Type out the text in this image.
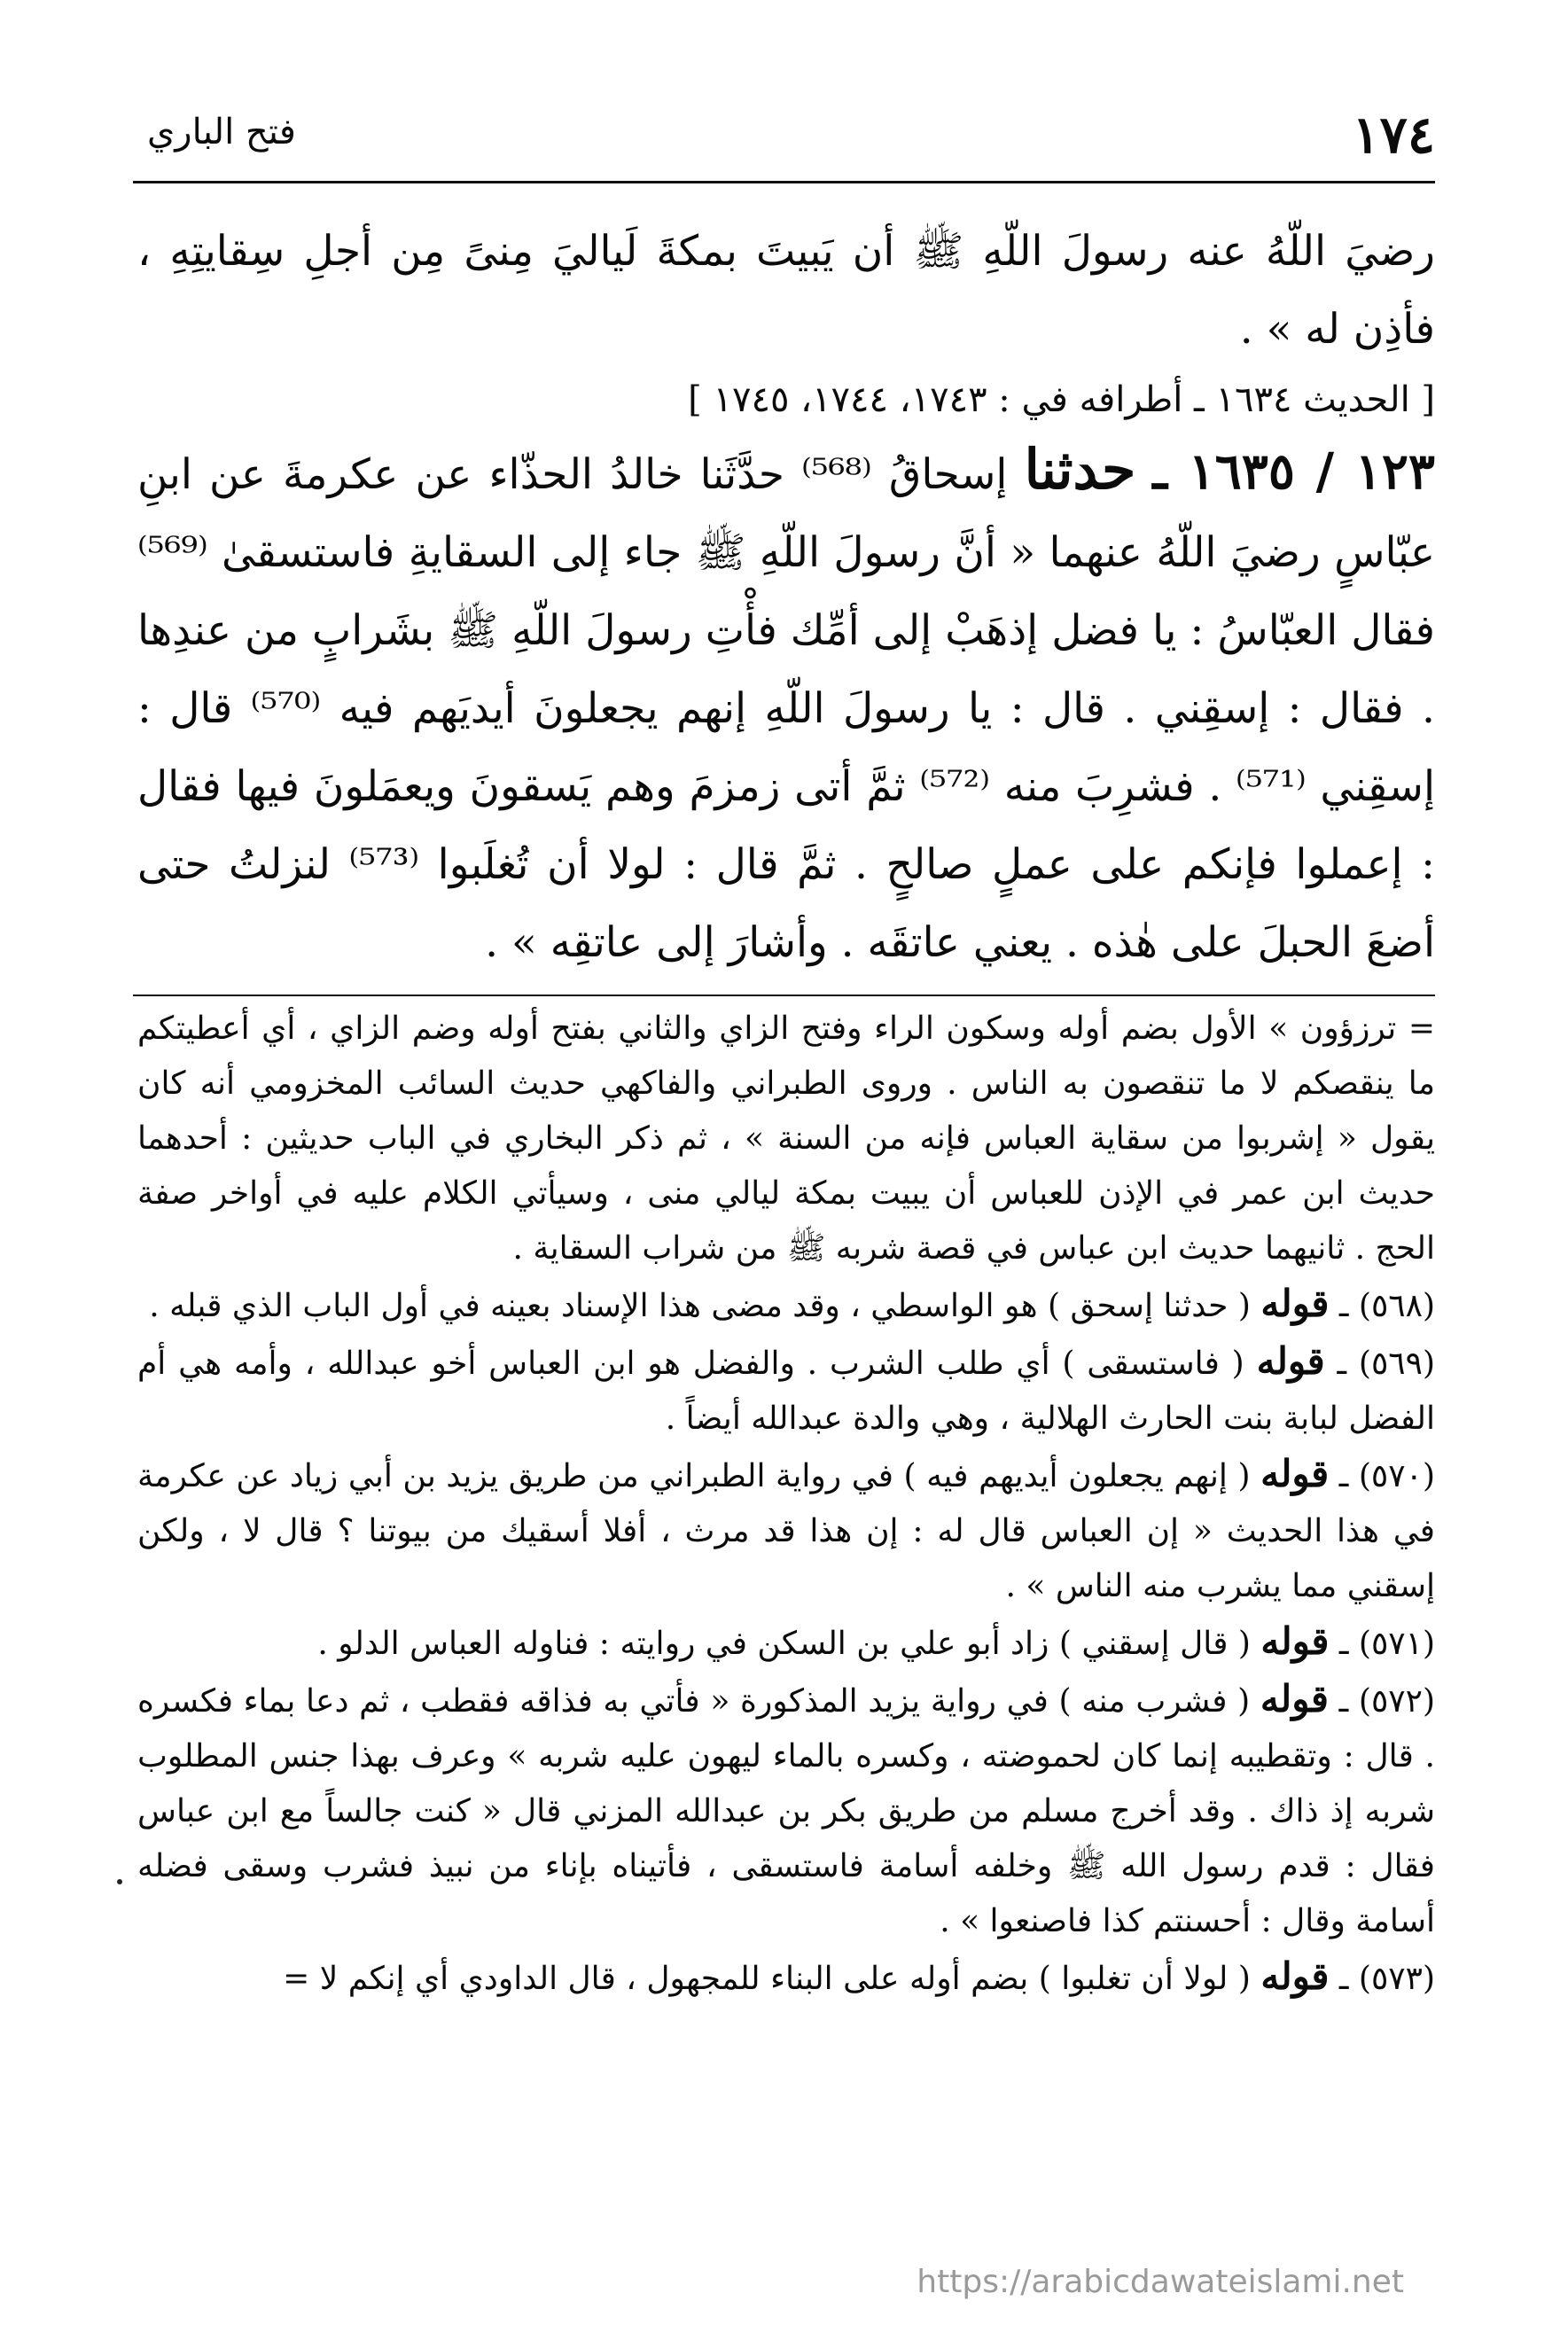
١٧٤
فتح الباري

رضيَ اللّهُ عنه رسولَ اللّهِ ﷺ أن يَبيتَ بمكةَ لَياليَ مِنىً مِن أجلِ سِقايتِهِ ، فأذِن له » .

[ الحديث ١٦٣٤ ـ أطرافه في : ١٧٤٣، ١٧٤٤، ١٧٤٥ ]

١٢٣ / ١٦٣٥ ـ حدثنا إسحاقُ ⁽⁵⁶⁸⁾ حدَّثَنا خالدُ الحذّاء عن عكرمةَ عن ابنِ عبّاسٍ رضيَ اللّهُ عنهما « أنَّ رسولَ اللّهِ ﷺ جاء إلى السقايةِ فاستسقىٰ ⁽⁵⁶⁹⁾ فقال العبّاسُ : يا فضل إذهَبْ إلى أمِّك فأْتِ رسولَ اللّهِ ﷺ بشَرابٍ من عندِها . فقال : إسقِني . قال : يا رسولَ اللّهِ إنهم يجعلونَ أيديَهم فيه ⁽⁵⁷⁰⁾ قال : إسقِني ⁽⁵⁷¹⁾ . فشرِبَ منه ⁽⁵⁷²⁾ ثمَّ أتى زمزمَ وهم يَسقونَ ويعمَلونَ فيها فقال : إعملوا فإنكم على عملٍ صالحٍ . ثمَّ قال : لولا أن تُغلَبوا ⁽⁵⁷³⁾ لنزلتُ حتى أضعَ الحبلَ على هٰذه . يعني عاتقَه . وأشارَ إلى عاتقِه » .

= ترزؤون » الأول بضم أوله وسكون الراء وفتح الزاي والثاني بفتح أوله وضم الزاي ، أي أعطيتكم ما ينقصكم لا ما تنقصون به الناس . وروى الطبراني والفاكهي حديث السائب المخزومي أنه كان يقول « إشربوا من سقاية العباس فإنه من السنة » ، ثم ذكر البخاري في الباب حديثين : أحدهما حديث ابن عمر في الإذن للعباس أن يبيت بمكة ليالي منى ، وسيأتي الكلام عليه في أواخر صفة الحج . ثانيهما حديث ابن عباس في قصة شربه ﷺ من شراب السقاية .

(٥٦٨) ـ قوله ( حدثنا إسحق ) هو الواسطي ، وقد مضى هذا الإسناد بعينه في أول الباب الذي قبله .

(٥٦٩) ـ قوله ( فاستسقى ) أي طلب الشرب . والفضل هو ابن العباس أخو عبدالله ، وأمه هي أم الفضل لبابة بنت الحارث الهلالية ، وهي والدة عبدالله أيضاً .

(٥٧٠) ـ قوله ( إنهم يجعلون أيديهم فيه ) في رواية الطبراني من طريق يزيد بن أبي زياد عن عكرمة في هذا الحديث « إن العباس قال له : إن هذا قد مرث ، أفلا أسقيك من بيوتنا ؟ قال لا ، ولكن إسقني مما يشرب منه الناس » .

(٥٧١) ـ قوله ( قال إسقني ) زاد أبو علي بن السكن في روايته : فناوله العباس الدلو .

(٥٧٢) ـ قوله ( فشرب منه ) في رواية يزيد المذكورة « فأتي به فذاقه فقطب ، ثم دعا بماء فكسره . قال : وتقطيبه إنما كان لحموضته ، وكسره بالماء ليهون عليه شربه » وعرف بهذا جنس المطلوب شربه إذ ذاك . وقد أخرج مسلم من طريق بكر بن عبدالله المزني قال « كنت جالساً مع ابن عباس فقال : قدم رسول الله ﷺ وخلفه أسامة فاستسقى ، فأتيناه بإناء من نبيذ فشرب وسقى فضله أسامة وقال : أحسنتم كذا فاصنعوا » .

(٥٧٣) ـ قوله ( لولا أن تغلبوا ) بضم أوله على البناء للمجهول ، قال الداودي أي إنكم لا =

https://arabicdawateislami.net
